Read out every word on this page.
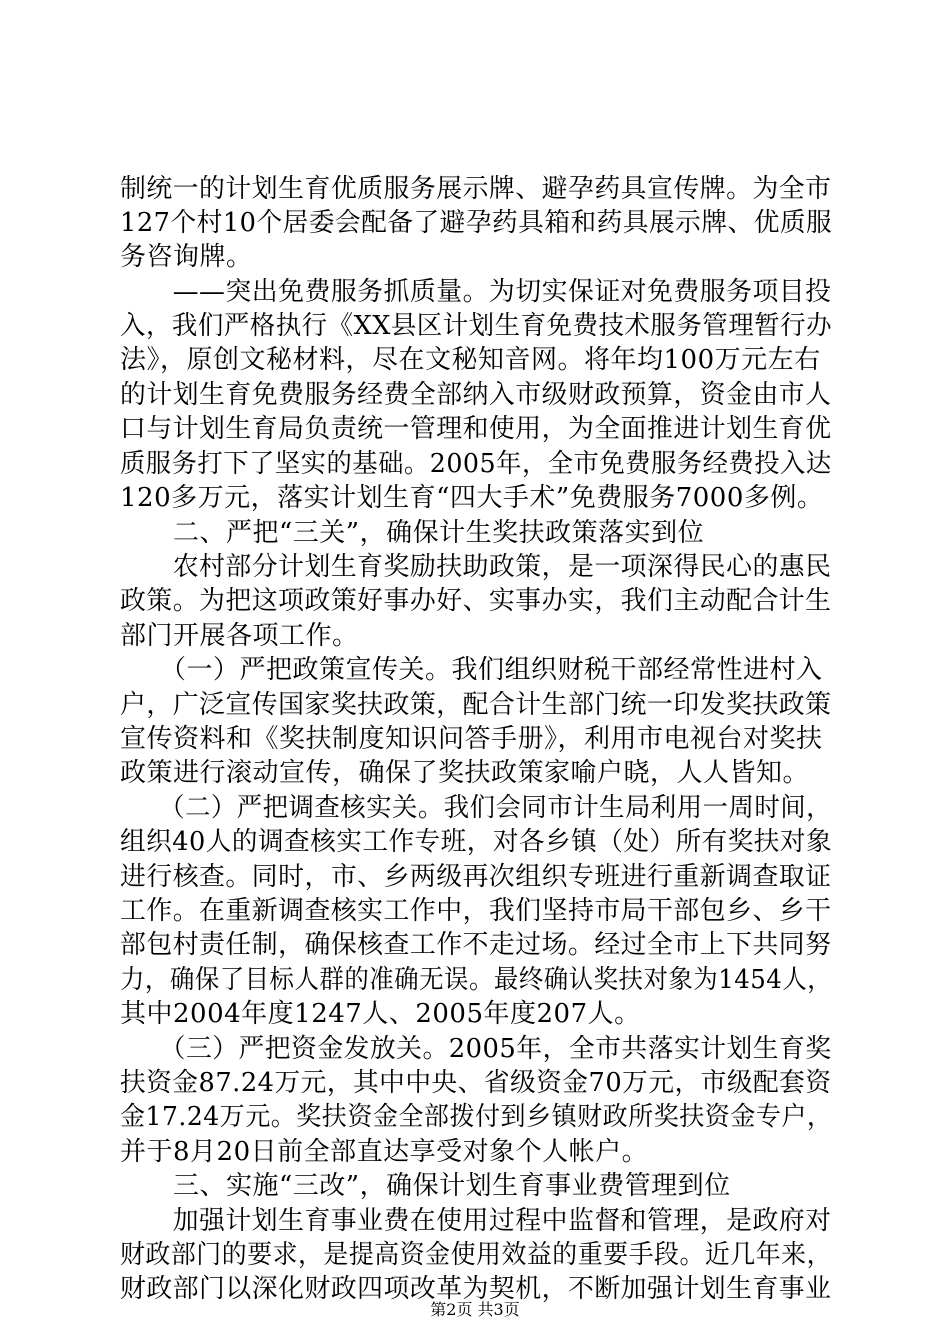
制统一的计划生育优质服务展示牌、避孕药具宣传牌。为全市
127个村10个居委会配备了避孕药具箱和药具展示牌、优质服
务咨询牌。
　　——突出免费服务抓质量。为切实保证对免费服务项目投
入，我们严格执行《XX县区计划生育免费技术服务管理暂行办
法》，原创文秘材料，尽在文秘知音网。将年均100万元左右
的计划生育免费服务经费全部纳入市级财政预算，资金由市人
口与计划生育局负责统一管理和使用，为全面推进计划生育优
质服务打下了坚实的基础。2005年，全市免费服务经费投入达
120多万元，落实计划生育“四大手术”免费服务7000多例。
　　二、严把“三关”，确保计生奖扶政策落实到位
　　农村部分计划生育奖励扶助政策，是一项深得民心的惠民
政策。为把这项政策好事办好、实事办实，我们主动配合计生
部门开展各项工作。
　　（一）严把政策宣传关。我们组织财税干部经常性进村入
户，广泛宣传国家奖扶政策，配合计生部门统一印发奖扶政策
宣传资料和《奖扶制度知识问答手册》，利用市电视台对奖扶
政策进行滚动宣传，确保了奖扶政策家喻户晓，人人皆知。
　　（二）严把调查核实关。我们会同市计生局利用一周时间，
组织40人的调查核实工作专班，对各乡镇（处）所有奖扶对象
进行核查。同时，市、乡两级再次组织专班进行重新调查取证
工作。在重新调查核实工作中，我们坚持市局干部包乡、乡干
部包村责任制，确保核查工作不走过场。经过全市上下共同努
力，确保了目标人群的准确无误。最终确认奖扶对象为1454人，
其中2004年度1247人、2005年度207人。
　　（三）严把资金发放关。2005年，全市共落实计划生育奖
扶资金87.24万元，其中中央、省级资金70万元，市级配套资
金17.24万元。奖扶资金全部拨付到乡镇财政所奖扶资金专户，
并于8月20日前全部直达享受对象个人帐户。
　　三、实施“三改”，确保计划生育事业费管理到位
　　加强计划生育事业费在使用过程中监督和管理，是政府对
财政部门的要求，是提高资金使用效益的重要手段。近几年来，
财政部门以深化财政四项改革为契机，不断加强计划生育事业
第2页 共3页
